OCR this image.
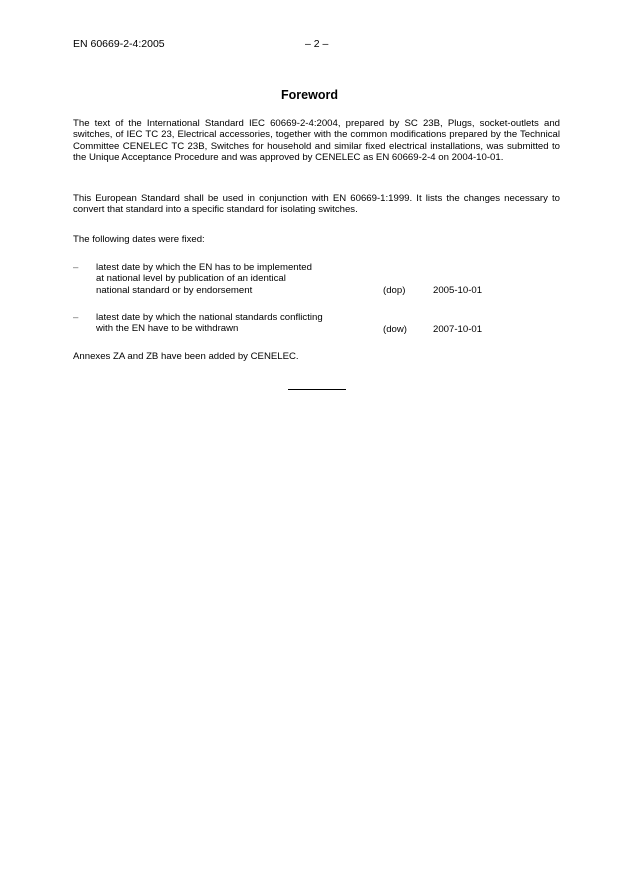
EN 60669-2-4:2005	– 2 –
Foreword
The text of the International Standard IEC 60669-2-4:2004, prepared by SC 23B, Plugs, socket-outlets and switches, of IEC TC 23, Electrical accessories, together with the common modifications prepared by the Technical Committee CENELEC TC 23B, Switches for household and similar fixed electrical installations, was submitted to the Unique Acceptance Procedure and was approved by CENELEC as EN 60669-2-4 on 2004-10-01.
This European Standard shall be used in conjunction with EN 60669-1:1999. It lists the changes necessary to convert that standard into a specific standard for isolating switches.
The following dates were fixed:
– latest date by which the EN has to be implemented
at national level by publication of an identical
national standard or by endorsement	(dop)	2005-10-01
– latest date by which the national standards conflicting
with the EN have to be withdrawn	(dow)	2007-10-01
Annexes ZA and ZB have been added by CENELEC.
